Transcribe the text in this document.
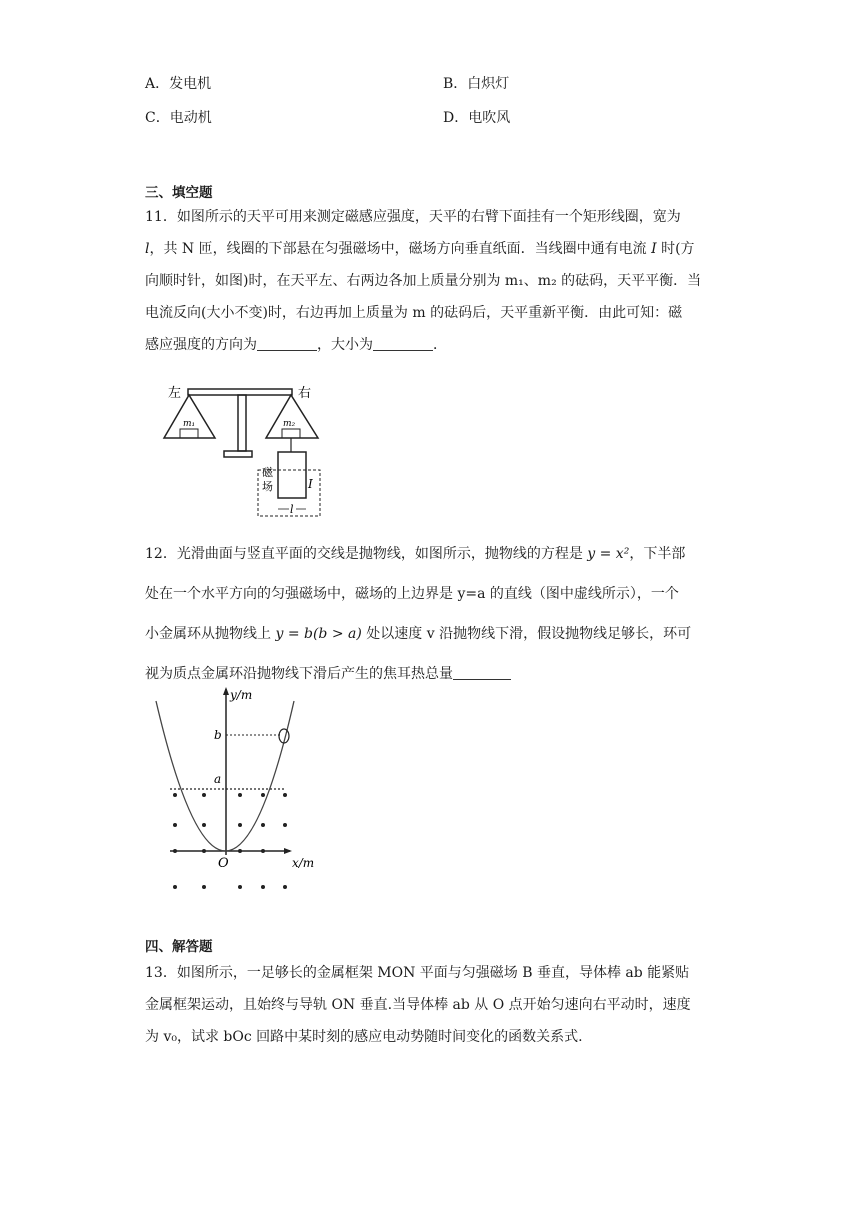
A．发电机	B．白炽灯
C．电动机	D．电吹风
三、填空题
11．如图所示的天平可用来测定磁感应强度，天平的右臂下面挂有一个矩形线圈，宽为
l，共 N 匝，线圈的下部悬在匀强磁场中，磁场方向垂直纸面．当线圈中通有电流 I 时(方
向顺时针，如图)时，在天平左、右两边各加上质量分别为 m₁、m₂ 的砝码，天平平衡．当
电流反向(大小不变)时，右边再加上质量为 m 的砝码后，天平重新平衡．由此可知：磁
感应强度的方向为	，大小为	．
左	右
m₁	m₂
磁
场	I
l
12．光滑曲面与竖直平面的交线是抛物线，如图所示，抛物线的方程是 y = x²，下半部
处在一个水平方向的匀强磁场中，磁场的上边界是 y=a 的直线（图中虚线所示），一个
小金属环从抛物线上 y = b(b > a) 处以速度 v 沿抛物线下滑，假设抛物线足够长，环可
视为质点金属环沿抛物线下滑后产生的焦耳热总量
y/m
x/m
b
a
O
四、解答题
13．如图所示，一足够长的金属框架 MON 平面与匀强磁场 B 垂直，导体棒 ab 能紧贴
金属框架运动，且始终与导轨 ON 垂直.当导体棒 ab 从 O 点开始匀速向右平动时，速度
为 v₀，试求 bOc 回路中某时刻的感应电动势随时间变化的函数关系式.
